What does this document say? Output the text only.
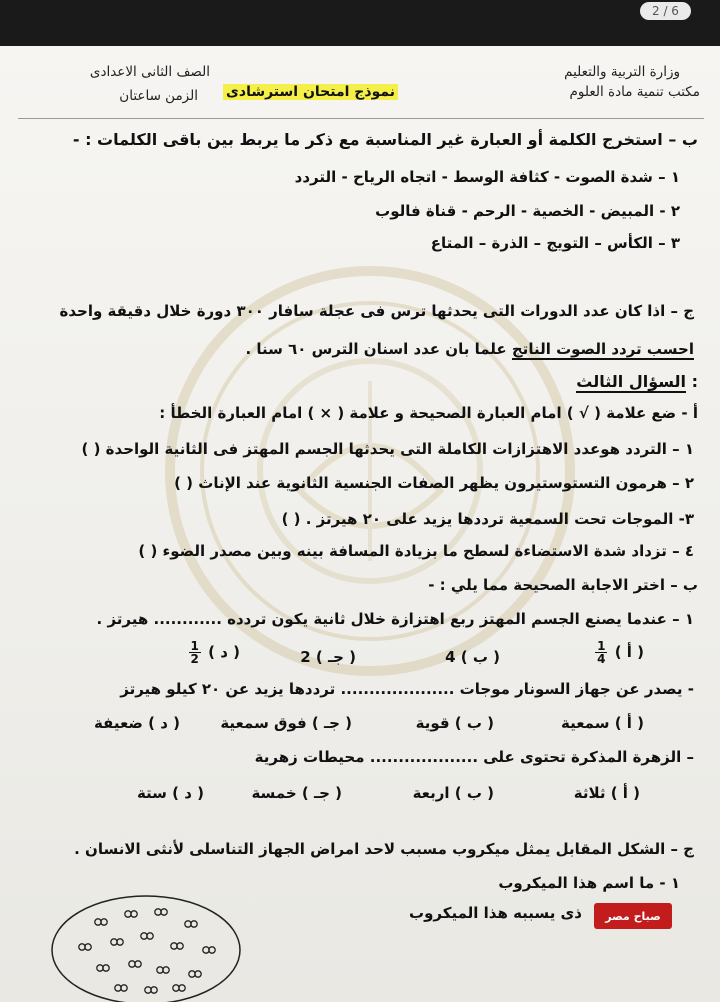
2 / 6
وزارة التربية والتعليم
مكتب تنمية مادة العلوم
نموذج امتحان استرشادى
الصف الثانى الاعدادى
الزمن ساعتان
ب – استخرج الكلمة أو العبارة غير المناسبة مع ذكر ما يربط بين باقى الكلمات : -
١ – شدة الصوت - كثافة الوسط - اتجاه الرياح - التردد
٢ - المبيض - الخصية - الرحم - قناة فالوب
٣ – الكأس – التويج – الذرة – المتاع
ج – اذا كان عدد الدورات التى يحدثها ترس فى عجلة سافار ٣٠٠ دورة خلال دقيقة واحدة
احسب تردد الصوت الناتج علما بان عدد اسنان الترس ٦٠ سنا .
: السؤال الثالث
أ - ضع علامة ( √ ) امام العبارة الصحيحة و علامة ( × ) امام العبارة الخطأ :
١ – التردد هوعدد الاهتزازات الكاملة التى يحدثها الجسم المهتز فى الثانية الواحدة ( )
٢ – هرمون التستوستيرون يظهر الصفات الجنسية الثانوية عند الإناث ( )
٣- الموجات تحت السمعية ترددها يزيد على ٢٠ هيرتز . ( )
٤ – تزداد شدة الاستضاءة لسطح ما بزيادة المسافة بينه وبين مصدر الضوء ( )
ب – اختر الاجابة الصحيحة مما يلي : -
١ – عندما يصنع الجسم المهتز ربع اهتزازة خلال ثانية يكون تردده ............ هيرتز .
( أ )
$\frac{1}{4}$
( ب ) 4
( جـ ) 2
( د )
$\frac{1}{2}$
- يصدر عن جهاز السونار موجات .................... ترددها يزيد عن ٢٠ كيلو هيرتز
( أ ) سمعية
( ب ) قوية
( جـ ) فوق سمعية
( د ) ضعيفة
– الزهرة المذكرة تحتوى على ................... محيطات زهرية
( أ ) ثلاثة
( ب ) اربعة
( جـ ) خمسة
( د ) ستة
ج – الشكل المقابل يمثل ميكروب مسبب لاحد امراض الجهاز التناسلى لأنثى الانسان .
١ - ما اسم هذا الميكروب
ذى يسببه هذا الميكروب	صباح مصر
